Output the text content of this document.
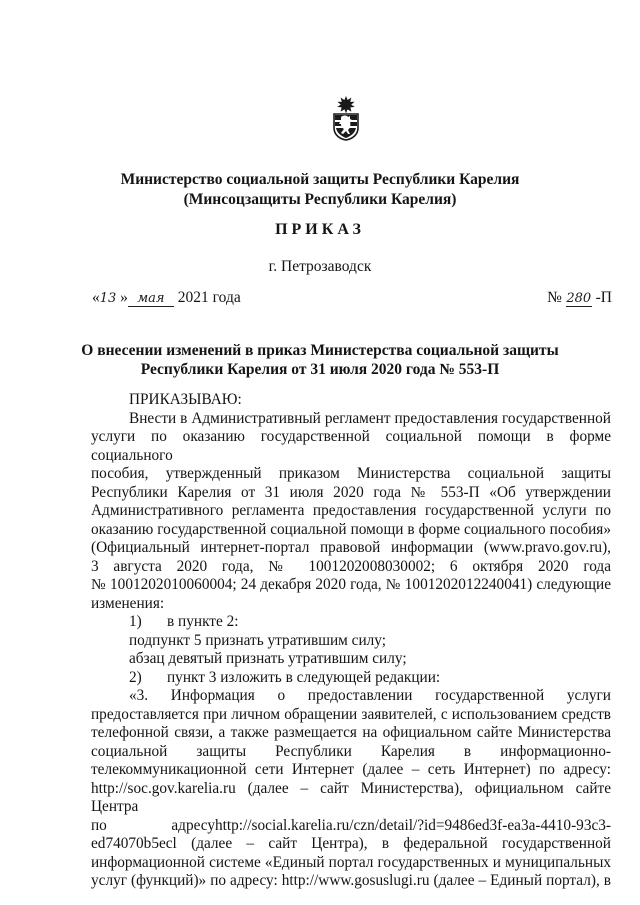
Министерство социальной защиты Республики Карелия
(Минсоцзащиты Республики Карелия)
ПРИКАЗ
г. Петрозаводск
«13 » мая 2021 года	№ 280 -П
О внесении изменений в приказ Министерства социальной защиты
Республики Карелия от 31 июля 2020 года № 553-П

ПРИКАЗЫВАЮ:

Внести в Административный регламент предоставления государственной

услуги по оказанию государственной социальной помощи в форме социального

пособия, утвержденный приказом Министерства социальной защиты

Республики Карелия от 31 июля 2020 года № 553-П «Об утверждении

Административного регламента предоставления государственной услуги по

оказанию государственной социальной помощи в форме социального пособия»

(Официальный интернет-портал правовой информации (www.pravo.gov.ru),

3 августа 2020 года, № 1001202008030002; 6 октября 2020 года

№ 1001202010060004; 24 декабря 2020 года, № 1001202012240041) следующие

изменения:

1) в пункте 2:

подпункт 5 признать утратившим силу;

абзац девятый признать утратившим силу;

2) пункт 3 изложить в следующей редакции:

«3. Информация о предоставлении государственной услуги

предоставляется при личном обращении заявителей, с использованием средств

телефонной связи, а также размещается на официальном сайте Министерства

социальной защиты Республики Карелия в информационно-

телекоммуникационной сети Интернет (далее – сеть Интернет) по адресу:

http://soc.gov.karelia.ru (далее – сайт Министерства), официальном сайте Центра

по адресуhttp://social.karelia.ru/czn/detail/?id=9486ed3f-ea3a-4410-93c3-

ed74070b5ecl (далее – сайт Центра), в федеральной государственной

информационной системе «Единый портал государственных и муниципальных

услуг (функций)» по адресу: http://www.gosuslugi.ru (далее – Единый портал), в
